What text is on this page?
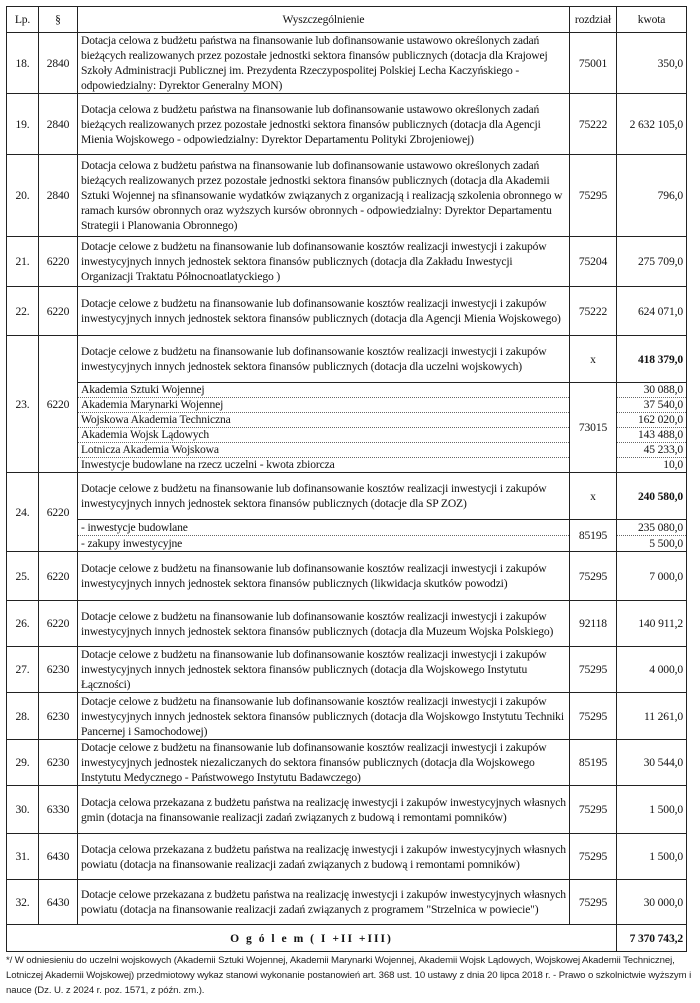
Lp.	§	Wyszczególnienie	rozdział	kwota
18.	2840	Dotacja celowa z budżetu państwa na finansowanie lub dofinansowanie ustawowo określonych zadań bieżących realizowanych przez pozostałe jednostki sektora finansów publicznych (dotacja dla Krajowej Szkoły Administracji Publicznej im. Prezydenta Rzeczypospolitej Polskiej Lecha Kaczyńskiego - odpowiedzialny: Dyrektor Generalny MON)	75001	350,0
19.	2840	Dotacja celowa z budżetu państwa na finansowanie lub dofinansowanie ustawowo określonych zadań bieżących realizowanych przez pozostałe jednostki sektora finansów publicznych (dotacja dla Agencji Mienia Wojskowego - odpowiedzialny: Dyrektor Departamentu Polityki Zbrojeniowej)	75222	2 632 105,0
20.	2840	Dotacja celowa z budżetu państwa na finansowanie lub dofinansowanie ustawowo określonych zadań bieżących realizowanych przez pozostałe jednostki sektora finansów publicznych (dotacja dla Akademii Sztuki Wojennej na sfinansowanie wydatków związanych z organizacją i realizacją szkolenia obronnego w ramach kursów obronnych oraz wyższych kursów obronnych - odpowiedzialny: Dyrektor Departamentu Strategii i Planowania Obronnego)	75295	796,0
21.	6220	Dotacje celowe z budżetu na finansowanie lub dofinansowanie kosztów realizacji inwestycji i zakupów inwestycyjnych innych jednostek sektora finansów publicznych (dotacja dla Zakładu Inwestycji Organizacji Traktatu Północnoatlatyckiego )	75204	275 709,0
22.	6220	Dotacje celowe z budżetu na finansowanie lub dofinansowanie kosztów realizacji inwestycji i zakupów inwestycyjnych innych jednostek sektora finansów publicznych (dotacja dla Agencji Mienia Wojskowego)	75222	624 071,0
23.	6220	Dotacje celowe z budżetu na finansowanie lub dofinansowanie kosztów realizacji inwestycji i zakupów inwestycyjnych innych jednostek sektora finansów publicznych (dotacja dla uczelni wojskowych)	x	418 379,0
		Akademia Sztuki Wojennej	73015	30 088,0
		Akademia Marynarki Wojennej		37 540,0
		Wojskowa Akademia Techniczna		162 020,0
		Akademia Wojsk Lądowych		143 488,0
		Lotnicza Akademia Wojskowa		45 233,0
		Inwestycje budowlane na rzecz uczelni - kwota zbiorcza		10,0
24.	6220	Dotacje celowe z budżetu na finansowanie lub dofinansowanie kosztów realizacji inwestycji i zakupów inwestycyjnych innych jednostek sektora finansów publicznych (dotacje dla SP ZOZ)	x	240 580,0
		- inwestycje budowlane	85195	235 080,0
		- zakupy inwestycyjne		5 500,0
25.	6220	Dotacje celowe z budżetu na finansowanie lub dofinansowanie kosztów realizacji inwestycji i zakupów inwestycyjnych innych jednostek sektora finansów publicznych (likwidacja skutków powodzi)	75295	7 000,0
26.	6220	Dotacje celowe z budżetu na finansowanie lub dofinansowanie kosztów realizacji inwestycji i zakupów inwestycyjnych innych jednostek sektora finansów publicznych (dotacja dla Muzeum Wojska Polskiego)	92118	140 911,2
27.	6230	Dotacje celowe z budżetu na finansowanie lub dofinansowanie kosztów realizacji inwestycji i zakupów inwestycyjnych innych jednostek sektora finansów publicznych (dotacja dla Wojskowego Instytutu Łączności)	75295	4 000,0
28.	6230	Dotacje celowe z budżetu na finansowanie lub dofinansowanie kosztów realizacji inwestycji i zakupów inwestycyjnych innych jednostek sektora finansów publicznych (dotacja dla Wojskowgo Instytutu Techniki Pancernej i Samochodowej)	75295	11 261,0
29.	6230	Dotacje celowe z budżetu na finansowanie lub dofinansowanie kosztów realizacji inwestycji i zakupów inwestycyjnych jednostek niezaliczanych do sektora finansów publicznych (dotacja dla Wojskowego Instytutu Medycznego - Państwowego Instytutu Badawczego)	85195	30 544,0
30.	6330	Dotacja celowa przekazana z budżetu państwa na realizację inwestycji i zakupów inwestycyjnych własnych gmin (dotacja na finansowanie realizacji zadań związanych z budową i remontami pomników)	75295	1 500,0
31.	6430	Dotacja celowa przekazana z budżetu państwa na realizację inwestycji i zakupów inwestycyjnych własnych powiatu (dotacja na finansowanie realizacji zadań związanych z budową i remontami pomników)	75295	1 500,0
32.	6430	Dotacje celowe przekazana z budżetu państwa na realizację inwestycji i zakupów inwestycyjnych własnych powiatu (dotacja na finansowanie realizacji zadań związanych z programem "Strzelnica w powiecie")	75295	30 000,0
O g ó l e m ( I +II +III)				7 370 743,2
*/ W odniesieniu do uczelni wojskowych (Akademii Sztuki Wojennej, Akademii Marynarki Wojennej, Akademii Wojsk Lądowych, Wojskowej Akademii Technicznej, Lotniczej Akademii Wojskowej) przedmiotowy wykaz stanowi wykonanie postanowień art. 368 ust. 10 ustawy z dnia 20 lipca 2018 r. - Prawo o szkolnictwie wyższym i nauce (Dz. U. z 2024 r. poz. 1571, z późn. zm.).
